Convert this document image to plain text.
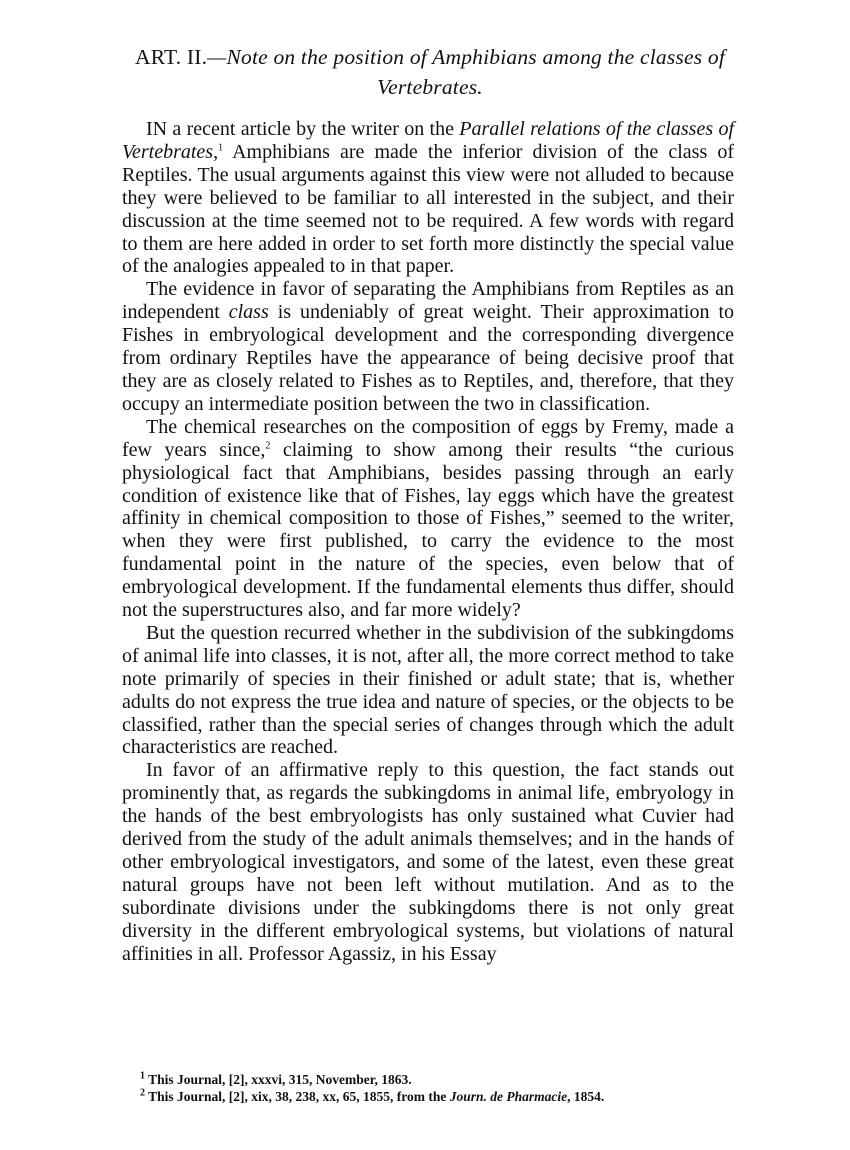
ART. II.—Note on the position of Amphibians among the classes of Vertebrates.

IN a recent article by the writer on the Parallel relations of the classes of Vertebrates,$^1$ Amphibians are made the inferior division of the class of Reptiles. The usual arguments against this view were not alluded to because they were believed to be familiar to all interested in the subject, and their discussion at the time seemed not to be required. A few words with regard to them are here added in order to set forth more distinctly the special value of the analogies appealed to in that paper.

The evidence in favor of separating the Amphibians from Reptiles as an independent class is undeniably of great weight. Their approximation to Fishes in embryological development and the corresponding divergence from ordinary Reptiles have the appearance of being decisive proof that they are as closely related to Fishes as to Reptiles, and, therefore, that they occupy an intermediate position between the two in classification.

The chemical researches on the composition of eggs by Fremy, made a few years since,$^2$ claiming to show among their results “the curious physiological fact that Amphibians, besides passing through an early condition of existence like that of Fishes, lay eggs which have the greatest affinity in chemical composition to those of Fishes,” seemed to the writer, when they were first published, to carry the evidence to the most fundamental point in the nature of the species, even below that of embryological development. If the fundamental elements thus differ, should not the superstructures also, and far more widely?

But the question recurred whether in the subdivision of the subkingdoms of animal life into classes, it is not, after all, the more correct method to take note primarily of species in their finished or adult state; that is, whether adults do not express the true idea and nature of species, or the objects to be classified, rather than the special series of changes through which the adult characteristics are reached.

In favor of an affirmative reply to this question, the fact stands out prominently that, as regards the subkingdoms in animal life, embryology in the hands of the best embryologists has only sustained what Cuvier had derived from the study of the adult animals themselves; and in the hands of other embryological investigators, and some of the latest, even these great natural groups have not been left without mutilation. And as to the subordinate divisions under the subkingdoms there is not only great diversity in the different embryological systems, but violations of natural affinities in all. Professor Agassiz, in his Essay

$^1$ This Journal, [2], xxxvi, 315, November, 1863.
$^2$ This Journal, [2], xix, 38, 238, xx, 65, 1855, from the Journ. de Pharmacie, 1854.
